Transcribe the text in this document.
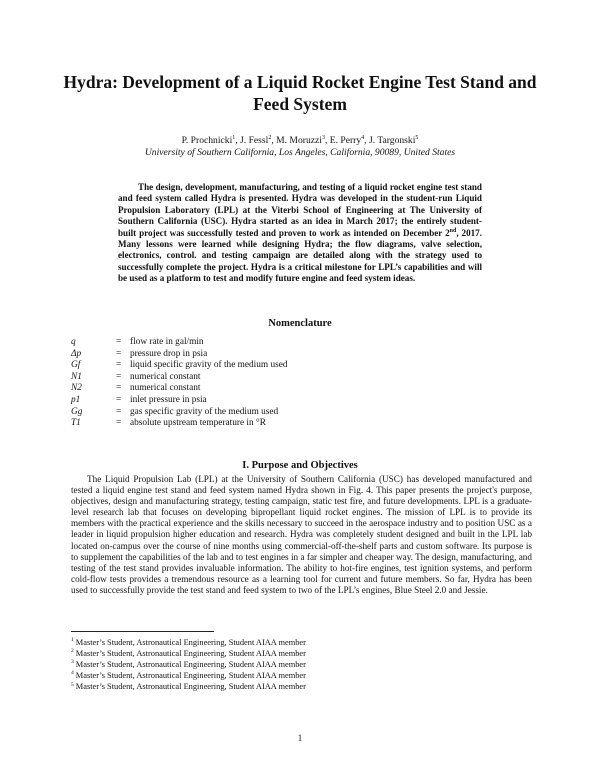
Hydra: Development of a Liquid Rocket Engine Test Stand and Feed System
P. Prochnicki$^1$, J. Fessl$^2$, M. Moruzzi$^3$, E. Perry$^4$, J. Targonski$^5$
University of Southern California, Los Angeles, California, 90089, United States

The design, development, manufacturing, and testing of a liquid rocket engine test stand and feed system called Hydra is presented. Hydra was developed in the student-run Liquid Propulsion Laboratory (LPL) at the Viterbi School of Engineering at The University of Southern California (USC). Hydra started as an idea in March 2017; the entirely student-built project was successfully tested and proven to work as intended on December 2nd, 2017. Many lessons were learned while designing Hydra; the flow diagrams, valve selection, electronics, control. and testing campaign are detailed along with the strategy used to successfully complete the project. Hydra is a critical milestone for LPL’s capabilities and will be used as a platform to test and modify future engine and feed system ideas.

Nomenclature
q	= flow rate in gal/min
Δp	= pressure drop in psia
Gf	= liquid specific gravity of the medium used
N1	= numerical constant
N2	= numerical constant
p1	= inlet pressure in psia
Gg	= gas specific gravity of the medium used
T1	= absolute upstream temperature in °R
I. Purpose and Objectives

The Liquid Propulsion Lab (LPL) at the University of Southern California (USC) has developed manufactured and tested a liquid engine test stand and feed system named Hydra shown in Fig. 4. This paper presents the project's purpose, objectives, design and manufacturing strategy, testing campaign, static test fire, and future developments. LPL is a graduate-level research lab that focuses on developing bipropellant liquid rocket engines. The mission of LPL is to provide its members with the practical experience and the skills necessary to succeed in the aerospace industry and to position USC as a leader in liquid propulsion higher education and research. Hydra was completely student designed and built in the LPL lab located on-campus over the course of nine months using commercial-off-the-shelf parts and custom software. Its purpose is to supplement the capabilities of the lab and to test engines in a far simpler and cheaper way. The design, manufacturing, and testing of the test stand provides invaluable information. The ability to hot-fire engines, test ignition systems, and perform cold-flow tests provides a tremendous resource as a learning tool for current and future members. So far, Hydra has been used to successfully provide the test stand and feed system to two of the LPL’s engines, Blue Steel 2.0 and Jessie.

$^1$ Master’s Student, Astronautical Engineering, Student AIAA member
$^2$ Master’s Student, Astronautical Engineering, Student AIAA member
$^3$ Master’s Student, Astronautical Engineering, Student AIAA member
$^4$ Master’s Student, Astronautical Engineering, Student AIAA member
$^5$ Master’s Student, Astronautical Engineering, Student AIAA member
1
